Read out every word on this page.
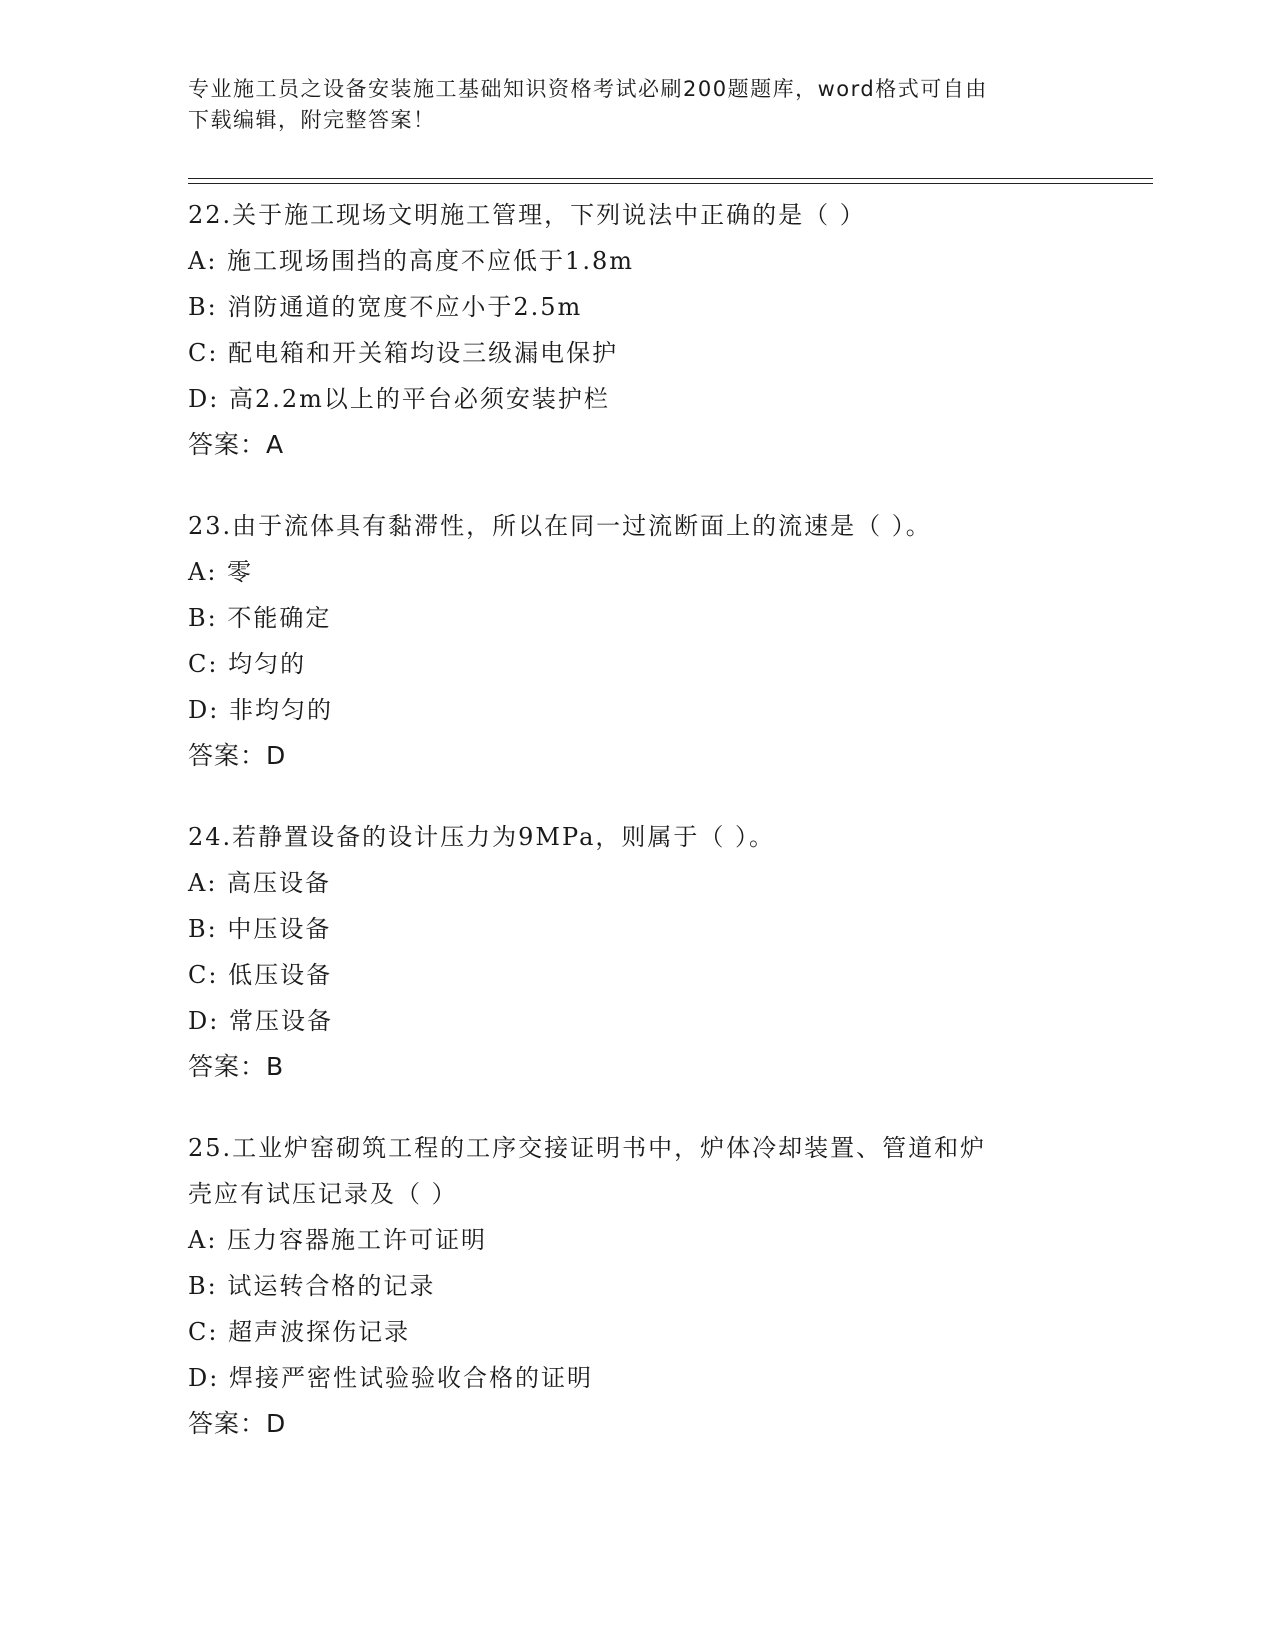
专业施工员之设备安装施工基础知识资格考试必刷200题题库，word格式可自由
下载编辑，附完整答案！
22.关于施工现场文明施工管理，下列说法中正确的是（ ）
A: 施工现场围挡的高度不应低于1.8m
B: 消防通道的宽度不应小于2.5m
C: 配电箱和开关箱均设三级漏电保护
D: 高2.2m以上的平台必须安装护栏
答案：A
23.由于流体具有黏滞性，所以在同一过流断面上的流速是（ ）。
A: 零
B: 不能确定
C: 均匀的
D: 非均匀的
答案：D
24.若静置设备的设计压力为9MPa，则属于（ ）。
A: 高压设备
B: 中压设备
C: 低压设备
D: 常压设备
答案：B
25.工业炉窑砌筑工程的工序交接证明书中，炉体冷却装置、管道和炉
壳应有试压记录及（ ）
A: 压力容器施工许可证明
B: 试运转合格的记录
C: 超声波探伤记录
D: 焊接严密性试验验收合格的证明
答案：D
